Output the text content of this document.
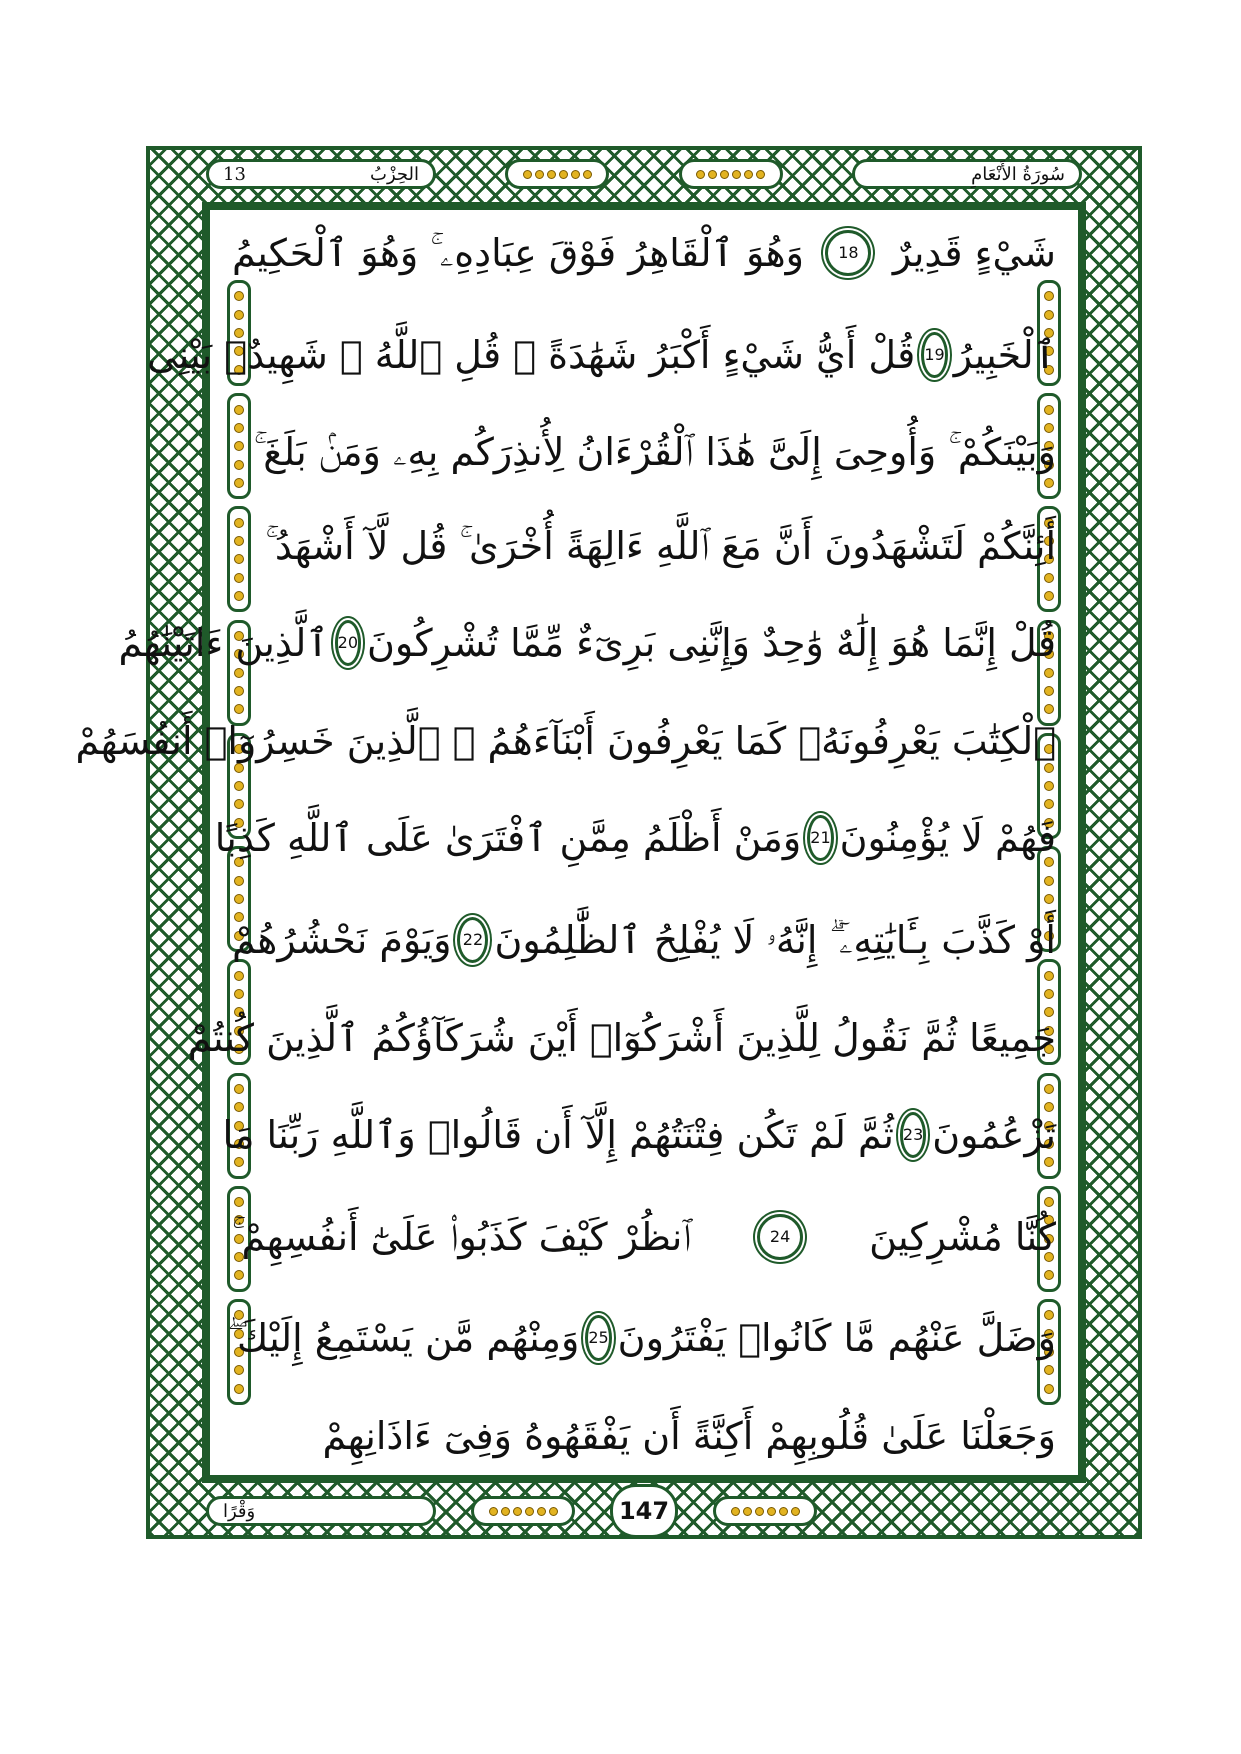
13	الحِزْبُ	سُورَةُ الأَنْعَامِ
شَيْءٍ قَدِيرٌ
18
وَهُوَ ٱلْقَاهِرُ فَوْقَ عِبَادِهِۦ ۚ وَهُوَ ٱلْحَكِيمُ
ٱلْخَبِيرُ
19
قُلْ أَيُّ شَيْءٍ أَكْبَرُ شَهَٰدَةً ۖ قُلِ ٱللَّهُ ۖ شَهِيدٌۢ بَيْنِى
وَبَيْنَكُمْ ۚ وَأُوحِىَ إِلَىَّ هَٰذَا ٱلْقُرْءَانُ لِأُنذِرَكُم بِهِۦ وَمَنۢ بَلَغَ ۚ
أَئِنَّكُمْ لَتَشْهَدُونَ أَنَّ مَعَ ٱللَّهِ ءَالِهَةً أُخْرَىٰ ۚ قُل لَّآ أَشْهَدُ ۚ
قُلْ إِنَّمَا هُوَ إِلَٰهٌ وَٰحِدٌ وَإِنَّنِى بَرِىٓءٌ مِّمَّا تُشْرِكُونَ
20
ٱلَّذِينَ ءَاتَيْنَٰهُمُ
ٱلْكِتَٰبَ يَعْرِفُونَهُۥ كَمَا يَعْرِفُونَ أَبْنَآءَهُمُ ۘ ٱلَّذِينَ خَسِرُوٓا۟ أَنفُسَهُمْ
فَهُمْ لَا يُؤْمِنُونَ
21
وَمَنْ أَظْلَمُ مِمَّنِ ٱفْتَرَىٰ عَلَى ٱللَّهِ كَذِبًا
أَوْ كَذَّبَ بِـَٔايَٰتِهِۦٓ ۗ إِنَّهُۥ لَا يُفْلِحُ ٱلظَّٰلِمُونَ
22
وَيَوْمَ نَحْشُرُهُمْ
جَمِيعًا ثُمَّ نَقُولُ لِلَّذِينَ أَشْرَكُوٓا۟ أَيْنَ شُرَكَآؤُكُمُ ٱلَّذِينَ كُنتُمْ
تَزْعُمُونَ
23
ثُمَّ لَمْ تَكُن فِتْنَتُهُمْ إِلَّآ أَن قَالُوا۟ وَٱللَّهِ رَبِّنَا مَا
كُنَّا مُشْرِكِينَ
24
ٱنظُرْ كَيْفَ كَذَبُوا۟ عَلَىٰٓ أَنفُسِهِمْ ۚ
وَضَلَّ عَنْهُم مَّا كَانُوا۟ يَفْتَرُونَ
25
وَمِنْهُم مَّن يَسْتَمِعُ إِلَيْكَ ۖ
وَجَعَلْنَا عَلَىٰ قُلُوبِهِمْ أَكِنَّةً أَن يَفْقَهُوهُ وَفِىٓ ءَاذَانِهِمْ
وَقْرًا	147
